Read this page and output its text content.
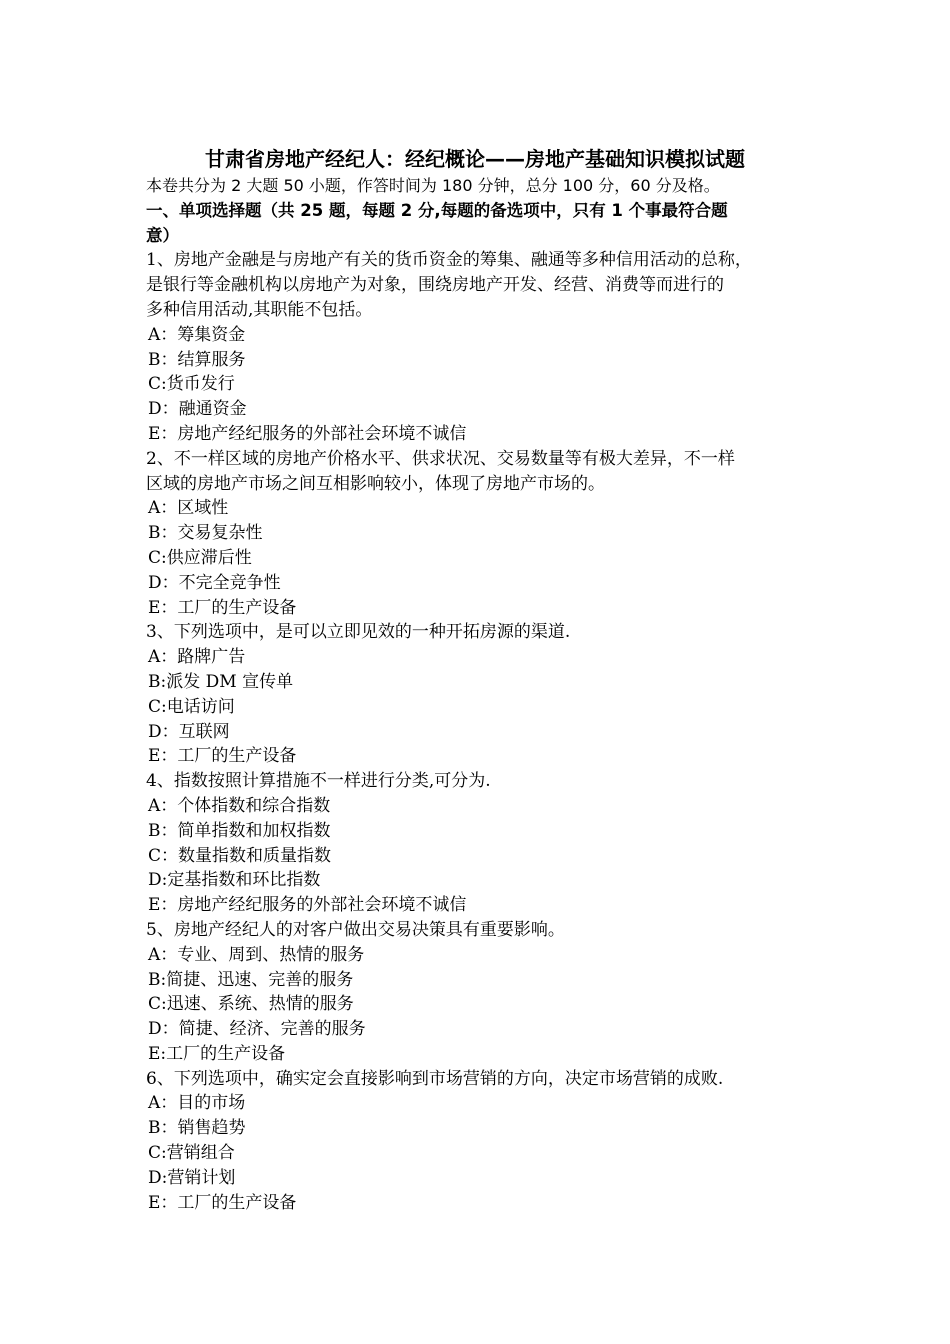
甘肃省房地产经纪人：经纪概论——房地产基础知识模拟试题
本卷共分为 2 大题 50 小题，作答时间为 180 分钟，总分 100 分，60 分及格。
一、单项选择题（共 25 题，每题 2 分,每题的备选项中，只有 1 个事最符合题
意）
1、房地产金融是与房地产有关的货币资金的筹集、融通等多种信用活动的总称，
是银行等金融机构以房地产为对象，围绕房地产开发、经营、消费等而进行的
多种信用活动,其职能不包括。
A：筹集资金
B：结算服务
C:货币发行
D：融通资金
E：房地产经纪服务的外部社会环境不诚信
2、不一样区域的房地产价格水平、供求状况、交易数量等有极大差异，不一样
区域的房地产市场之间互相影响较小，体现了房地产市场的。
A：区域性
B：交易复杂性
C:供应滞后性
D：不完全竞争性
E：工厂的生产设备
3、下列选项中，是可以立即见效的一种开拓房源的渠道.
A：路牌广告
B:派发 DM 宣传单
C:电话访问
D：互联网
E：工厂的生产设备
4、指数按照计算措施不一样进行分类,可分为.
A：个体指数和综合指数
B：简单指数和加权指数
C：数量指数和质量指数
D:定基指数和环比指数
E：房地产经纪服务的外部社会环境不诚信
5、房地产经纪人的对客户做出交易决策具有重要影响。
A：专业、周到、热情的服务
B:简捷、迅速、完善的服务
C:迅速、系统、热情的服务
D：简捷、经济、完善的服务
E:工厂的生产设备
6、下列选项中，确实定会直接影响到市场营销的方向，决定市场营销的成败.
A：目的市场
B：销售趋势
C:营销组合
D:营销计划
E：工厂的生产设备
